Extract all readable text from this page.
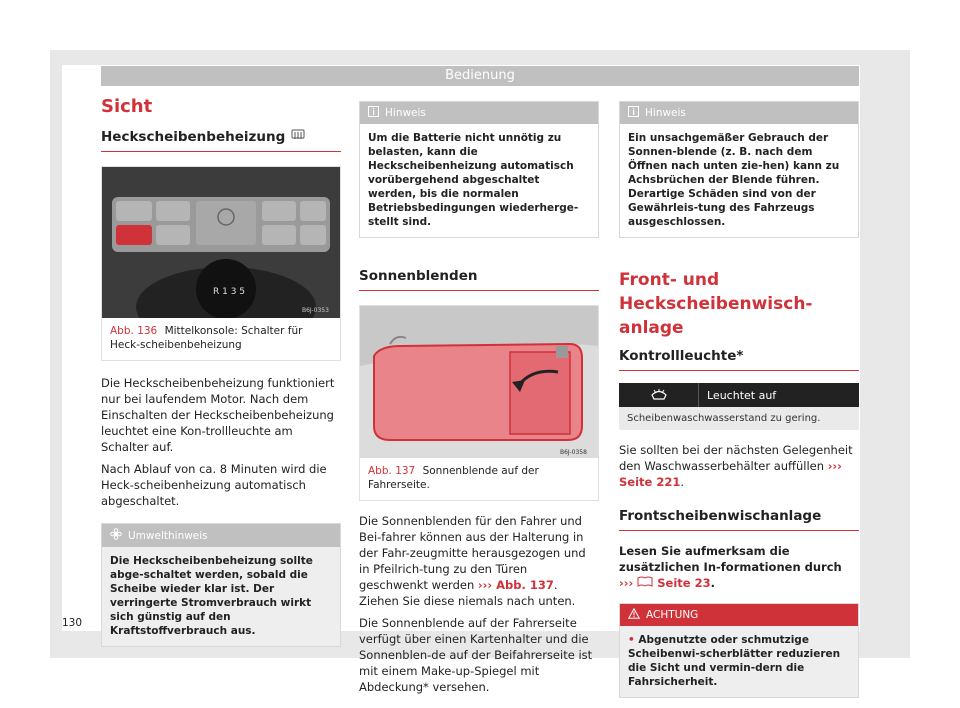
Bedienung
Sicht
Heckscheibenbeheizung
R 1 3 5
B6J-0353
Abb. 136 Mittelkonsole: Schalter für Heck-scheibenbeheizung

Die Heckscheibenbeheizung funktioniert nur bei laufendem Motor. Nach dem Einschalten der Heckscheibenbeheizung leuchtet eine Kon-trollleuchte am Schalter auf.

Nach Ablauf von ca. 8 Minuten wird die Heck-scheibenheizung automatisch abgeschaltet.

Umwelthinweis
Die Heckscheibenbeheizung sollte abge-schaltet werden, sobald die Scheibe wieder klar ist. Der verringerte Stromverbrauch wirkt sich günstig auf den Kraftstoffverbrauch aus.
Hinweis
Um die Batterie nicht unnötig zu belasten, kann die Heckscheibenheizung automatisch vorübergehend abgeschaltet werden, bis die normalen Betriebsbedingungen wiederherge-stellt sind.
Sonnenblenden
B6J-0358
Abb. 137 Sonnenblende auf der Fahrerseite.

Die Sonnenblenden für den Fahrer und Bei-fahrer können aus der Halterung in der Fahr-zeugmitte herausgezogen und in Pfeilrich-tung zu den Türen geschwenkt werden ››› Abb. 137. Ziehen Sie diese niemals nach unten.

Die Sonnenblende auf der Fahrerseite verfügt über einen Kartenhalter und die Sonnenblen-de auf der Beifahrerseite ist mit einem Make-up-Spiegel mit Abdeckung* versehen.

Hinweis
Ein unsachgemäßer Gebrauch der Sonnen-blende (z. B. nach dem Öffnen nach unten zie-hen) kann zu Achsbrüchen der Blende führen. Derartige Schäden sind von der Gewährleis-tung des Fahrzeugs ausgeschlossen.
Front- und Heckscheibenwisch-anlage
Kontrollleuchte*
Leuchtet auf
Scheibenwaschwasserstand zu gering.

Sie sollten bei der nächsten Gelegenheit den Waschwasserbehälter auffüllen ››› Seite 221.

Frontscheibenwischanlage

Lesen Sie aufmerksam die zusätzlichen In-formationen durch ››› Seite 23.

ACHTUNG
• Abgenutzte oder schmutzige Scheibenwi-scherblätter reduzieren die Sicht und vermin-dern die Fahrsicherheit.
130
